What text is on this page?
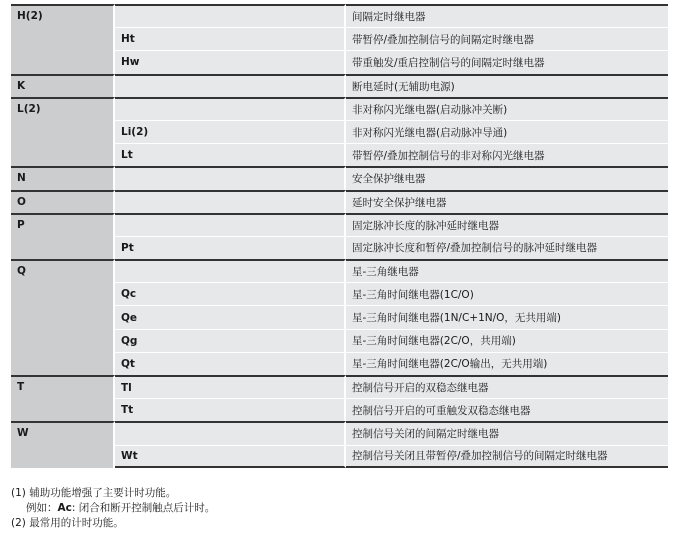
H(2)		间隔定时继电器
	Ht	带暂停/叠加控制信号的间隔定时继电器
	Hw	带重触发/重启控制信号的间隔定时继电器
K		断电延时(无辅助电源)
L(2)		非对称闪光继电器(启动脉冲关断)
	Li(2)	非对称闪光继电器(启动脉冲导通)
	Lt	带暂停/叠加控制信号的非对称闪光继电器
N		安全保护继电器
O		延时安全保护继电器
P		固定脉冲长度的脉冲延时继电器
	Pt	固定脉冲长度和暂停/叠加控制信号的脉冲延时继电器
Q		星-三角继电器
	Qc	星-三角时间继电器(1C/O)
	Qe	星-三角时间继电器(1N/C+1N/O，无共用端)
	Qg	星-三角时间继电器(2C/O，共用端)
	Qt	星-三角时间继电器(2C/O输出，无共用端)
T	Tl	控制信号开启的双稳态继电器
	Tt	控制信号开启的可重触发双稳态继电器
W		控制信号关闭的间隔定时继电器
	Wt	控制信号关闭且带暂停/叠加控制信号的间隔定时继电器
(1) 辅助功能增强了主要计时功能。
例如：Ac: 闭合和断开控制触点后计时。
(2) 最常用的计时功能。
